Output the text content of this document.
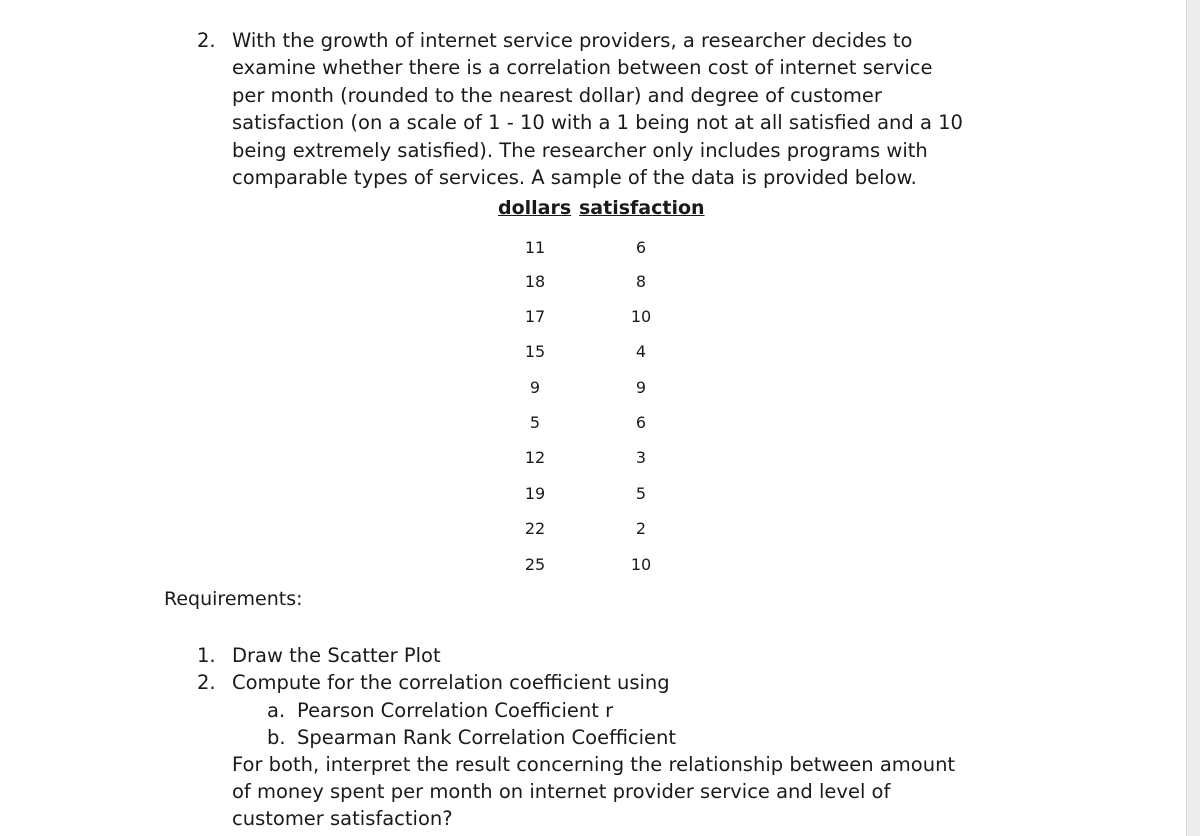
2. With the growth of internet service providers, a researcher decides to
examine whether there is a correlation between cost of internet service
per month (rounded to the nearest dollar) and degree of customer
satisfaction (on a scale of 1 - 10 with a 1 being not at all satisfied and a 10
being extremely satisfied). The researcher only includes programs with
comparable types of services. A sample of the data is provided below.
dollars satisfaction
11	6
18	8
17	10
15	4
9	9
5	6
12	3
19	5
22	2
25	10
Requirements:
1. Draw the Scatter Plot
2. Compute for the correlation coefficient using
a. Pearson Correlation Coefficient r
b. Spearman Rank Correlation Coefficient
For both, interpret the result concerning the relationship between amount
of money spent per month on internet provider service and level of
customer satisfaction?
